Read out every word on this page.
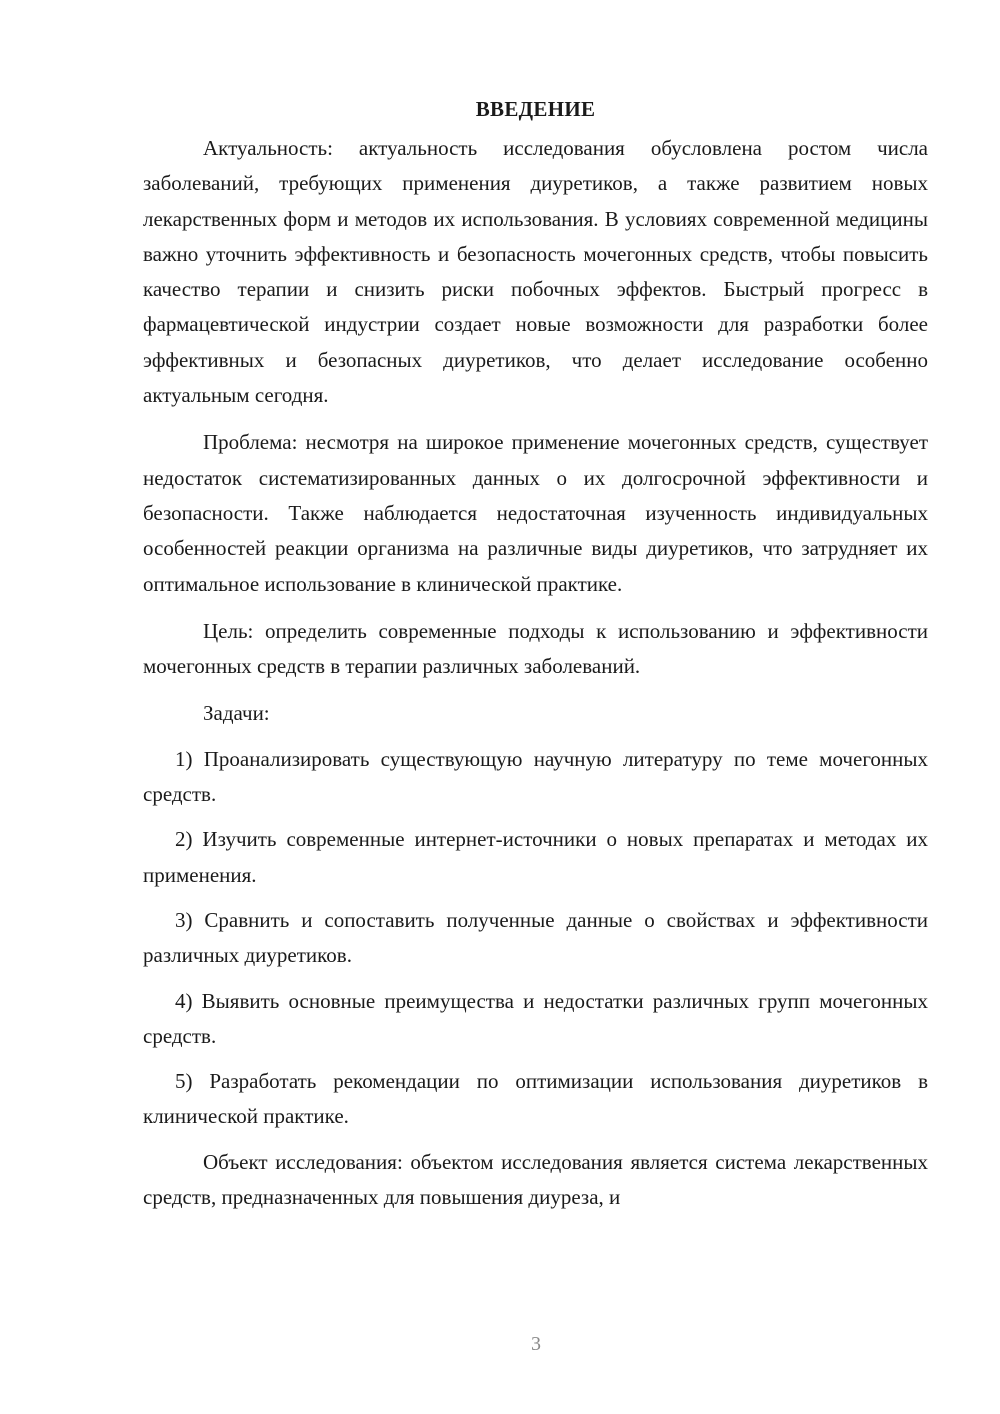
ВВЕДЕНИЕ

Актуальность: актуальность исследования обусловлена ростом числа заболеваний, требующих применения диуретиков, а также развитием новых лекарственных форм и методов их использования. В условиях современной медицины важно уточнить эффективность и безопасность мочегонных средств, чтобы повысить качество терапии и снизить риски побочных эффектов. Быстрый прогресс в фармацевтической индустрии создает новые возможности для разработки более эффективных и безопасных диуретиков, что делает исследование особенно актуальным сегодня.

Проблема: несмотря на широкое применение мочегонных средств, существует недостаток систематизированных данных о их долгосрочной эффективности и безопасности. Также наблюдается недостаточная изученность индивидуальных особенностей реакции организма на различные виды диуретиков, что затрудняет их оптимальное использование в клинической практике.

Цель: определить современные подходы к использованию и эффективности мочегонных средств в терапии различных заболеваний.

Задачи:

1) Проанализировать существующую научную литературу по теме мочегонных средств.

2) Изучить современные интернет-источники о новых препаратах и методах их применения.

3) Сравнить и сопоставить полученные данные о свойствах и эффективности различных диуретиков.

4) Выявить основные преимущества и недостатки различных групп мочегонных средств.

5) Разработать рекомендации по оптимизации использования диуретиков в клинической практике.

Объект исследования: объектом исследования является система лекарственных средств, предназначенных для повышения диуреза, и

3
